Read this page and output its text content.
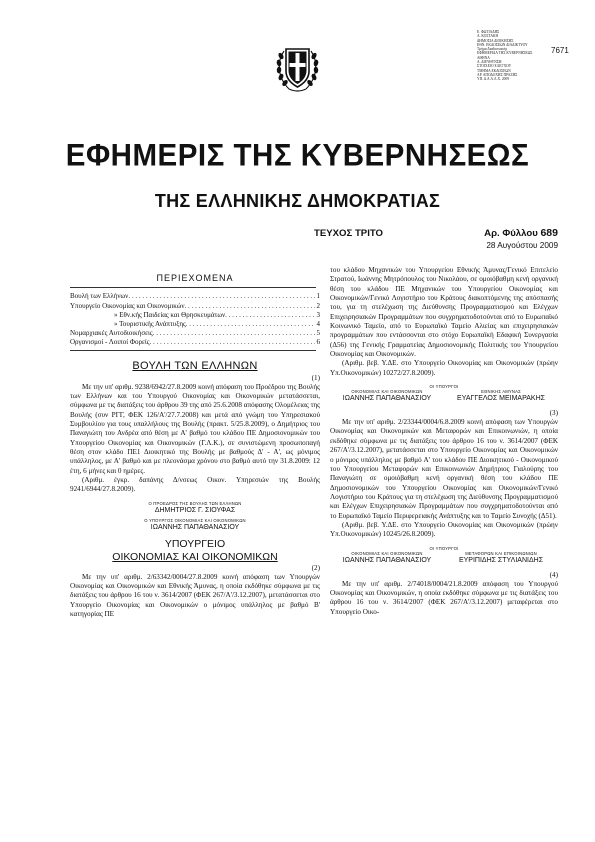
7671
Ε. ΦΩΤΙΑΔΗΣ
Α. ΚΟΣΤΑΚΗ
ΔΗΜΟΣΙΑ ΔΙΟΙΚΗΣΗΣ
ΕΘΝ. ΕΚΔΟΣΕΩΝ ΔΙΑΔΙΚΤΥΟΥ
Τμήμα Διαδικτυακής
ΕΦΗΜΕΡΙΔΑ ΤΗΣ ΚΥΒΕΡΝΗΣΕΩΣ
ΑΘΗΝΑ
Α. ΔΙΕΥΘΥΝΣΗ
ΣΤΟΙΧΕΙΟ ΕΛΕΓΧΟΥ
ΤΜΗΜΑ ΕΚΔΟΣΕΩΝ
ΑΡ. ΑΠΟΔΟΧΗΣ ΠΡΑΞΗΣ
ΥΠ. Δ.Α.Α.Λ.Χ. 2009
ΕΦΗΜΕΡΙΣ ΤΗΣ ΚΥΒΕΡΝΗΣΕΩΣ
ΤΗΣ ΕΛΛΗΝΙΚΗΣ ΔΗΜΟΚΡΑΤΙΑΣ
ΤΕΥΧΟΣ ΤΡΙΤΟ	Αρ. Φύλλου 689
28 Αυγούστου 2009
ΠΕΡΙΕΧΟΜΕΝΑ
Βουλή των Ελλήνων . . .	1
Υπουργείο Οικονομίας και Οικονομικών . . .	2
» Εθν.κής Παιδείας και Θρησκευμάτων . . .	3
» Τουριστικής Ανάπτυξης . . .	4
Νομαρχιακές Αυτοδιοικήσεις . . .	5
Οργανισμοί - Λοιποί Φορείς . . .	6
ΒΟΥΛΗ ΤΩΝ ΕΛΛΗΝΩΝ
(1)

Με την υπ' αριθμ. 9238/6942/27.8.2009 κοινή απόφαση του Προέδρου της Βουλής των Ελλήνων και του Υπουργού Οικονομίας και Οικονομικών μετατάσσεται, σύμφωνα με τις διατάξεις του άρθρου 39 της από 25.6.2008 απόφασης Ολομέλειας της Βουλής (συν ΡΓΓ, ΦΕΚ 126/Α'/27.7.2008) και μετά από γνώμη του Υπηρεσιακού Συμβουλίου για τους υπαλλήλους της Βουλής (πρακτ. 5/25.8.2009), ο Δημήτριος του Παναγιώτη του Ανδρέα από θέση με Α' βαθμό του κλάδου ΠΕ Δημοσιονομικών του Υπουργείου Οικονομίας και Οικονομικών (Γ.Λ.Κ.), σε συνιστώμενη προσωποπαγή θέση στον κλάδο ΠΕ1 Διοικητικό της Βουλής με βαθμούς Δ' - Α', ως μόνιμος υπάλληλος, με Α' βαθμό και με πλεονάσμα χρόνου στο βαθμό αυτό την 31.8.2009: 12 έτη, 6 μήνες και 0 ημέρες.

(Αριθμ. έγκρ. δαπάνης Δ/νσεως Οικον. Υπηρεσιών της Βουλής 9241/6944/27.8.2009).

Ο ΠΡΟΕΔΡΟΣ ΤΗΣ ΒΟΥΛΗΣ ΤΩΝ ΕΛΛΗΝΩΝ
ΔΗΜΗΤΡΙΟΣ Γ. ΣΙΟΥΦΑΣ
Ο ΥΠΟΥΡΓΟΣ ΟΙΚΟΝΟΜΙΑΣ ΚΑΙ ΟΙΚΟΝΟΜΙΚΩΝ
ΙΩΑΝΝΗΣ ΠΑΠΑΘΑΝΑΣΙΟΥ
ΥΠΟΥΡΓΕΙΟ
ΟΙΚΟΝΟΜΙΑΣ ΚΑΙ ΟΙΚΟΝΟΜΙΚΩΝ
(2)

Με την υπ' αριθμ. 2/63342/0004/27.8.2009 κοινή απόφαση των Υπουργών Οικονομίας και Οικονομικών και Εθνικής Άμυνας, η οποία εκδόθηκε σύμφωνα με τις διατάξεις του άρθρου 16 του ν. 3614/2007 (ΦΕΚ 267/Α'/3.12.2007), μετατάσσεται στο Υπουργείο Οικονομίας και Οικονομικών ο μόνιμος υπάλληλος με βαθμό Β' κατηγορίας ΠΕ

του κλάδου Μηχανικών του Υπουργείου Εθνικής Άμυνας/Γενικό Επιτελείο Στρατού, Ιωάννης Μητρόπουλος του Νικολάου, σε ομοιόβαθμη κενή οργανική θέση του κλάδου ΠΕ Μηχανικών του Υπουργείου Οικονομίας και Οικονομικών/Γενικό Λογιστήριο του Κράτους διακοπτόμενης της απόσπασής του, για τη στελέχωση της Διεύθυνσης Προγραμματισμού και Ελέγχων Επιχειρησιακών Προγραμμάτων που συγχρηματοδοτούνται από το Ευρωπαϊκό Κοινωνικό Ταμείο, από το Ευρωπαϊκό Ταμείο Αλιείας και επιχειρησιακών προγραμμάτων που εντάσσονται στο στόχο Ευρωπαϊκή Εδαφική Συνεργασία (Δ56) της Γενικής Γραμματείας Δημοσιονομικής Πολιτικής του Υπουργείου Οικονομίας και Οικονομικών.

(Αριθμ. βεβ. Υ.ΔΕ. στο Υπουργείο Οικονομίας και Οικονομικών (πρώην Υπ.Οικονομικών) 10272/27.8.2009).

ΟΙ ΥΠΟΥΡΓΟΙ
ΟΙΚΟΝΟΜΙΑΣ ΚΑΙ ΟΙΚΟΝΟΜΙΚΩΝ
ΙΩΑΝΝΗΣ ΠΑΠΑΘΑΝΑΣΙΟΥ
ΕΘΝΙΚΗΣ ΑΜΥΝΑΣ
ΕΥΑΓΓΕΛΟΣ ΜΕΙΜΑΡΑΚΗΣ
(3)

Με την υπ' αριθμ. 2/23344/0004/6.8.2009 κοινή απόφαση των Υπουργών Οικονομίας και Οικονομικών και Μεταφορών και Επικοινωνιών, η οποία εκδόθηκε σύμφωνα με τις διατάξεις του άρθρου 16 του ν. 3614/2007 (ΦΕΚ 267/Α'/3.12.2007), μετατάσσεται στο Υπουργείο Οικονομίας και Οικονομικών ο μόνιμος υπάλληλος με βαθμό Α' του κλάδου ΠΕ Διοικητικού - Οικονομικού του Υπουργείου Μεταφορών και Επικοινωνιών Δημήτριος Γιαλούρης του Παναγιώτη σε ομοιόβαθμη κενή οργανική θέση του κλάδου ΠΕ Δημοσιονομικών του Υπουργείου Οικονομίας και Οικονομικών/Γενικό Λογιστήριο του Κράτους για τη στελέχωση της Διεύθυνσης Προγραμματισμού και Ελέγχων Επιχειρησιακών Προγραμμάτων που συγχρηματοδοτούνται από το Ευρωπαϊκό Ταμείο Περιφερειακής Ανάπτυξης και το Ταμείο Συνοχής (Δ51).

(Αριθμ. βεβ. Υ.ΔΕ. στο Υπουργείο Οικονομίας και Οικονομικών (πρώην Υπ.Οικονομικών) 10245/26.8.2009).

ΟΙ ΥΠΟΥΡΓΟΙ
ΟΙΚΟΝΟΜΙΑΣ ΚΑΙ ΟΙΚΟΝΟΜΙΚΩΝ
ΙΩΑΝΝΗΣ ΠΑΠΑΘΑΝΑΣΙΟΥ
ΜΕΤΑΦΟΡΩΝ ΚΑΙ ΕΠΙΚΟΙΝΩΝΙΩΝ
ΕΥΡΙΠΙΔΗΣ ΣΤΥΛΙΑΝΙΔΗΣ
(4)

Με την υπ' αριθμ. 2/74018/0004/21.8.2009 απόφαση του Υπουργού Οικονομίας και Οικονομικών, η οποία εκδόθηκε σύμφωνα με τις διατάξεις του άρθρου 16 του ν. 3614/2007 (ΦΕΚ 267/Α'/3.12.2007) μεταφέρεται στο Υπουργείο Οικο-
